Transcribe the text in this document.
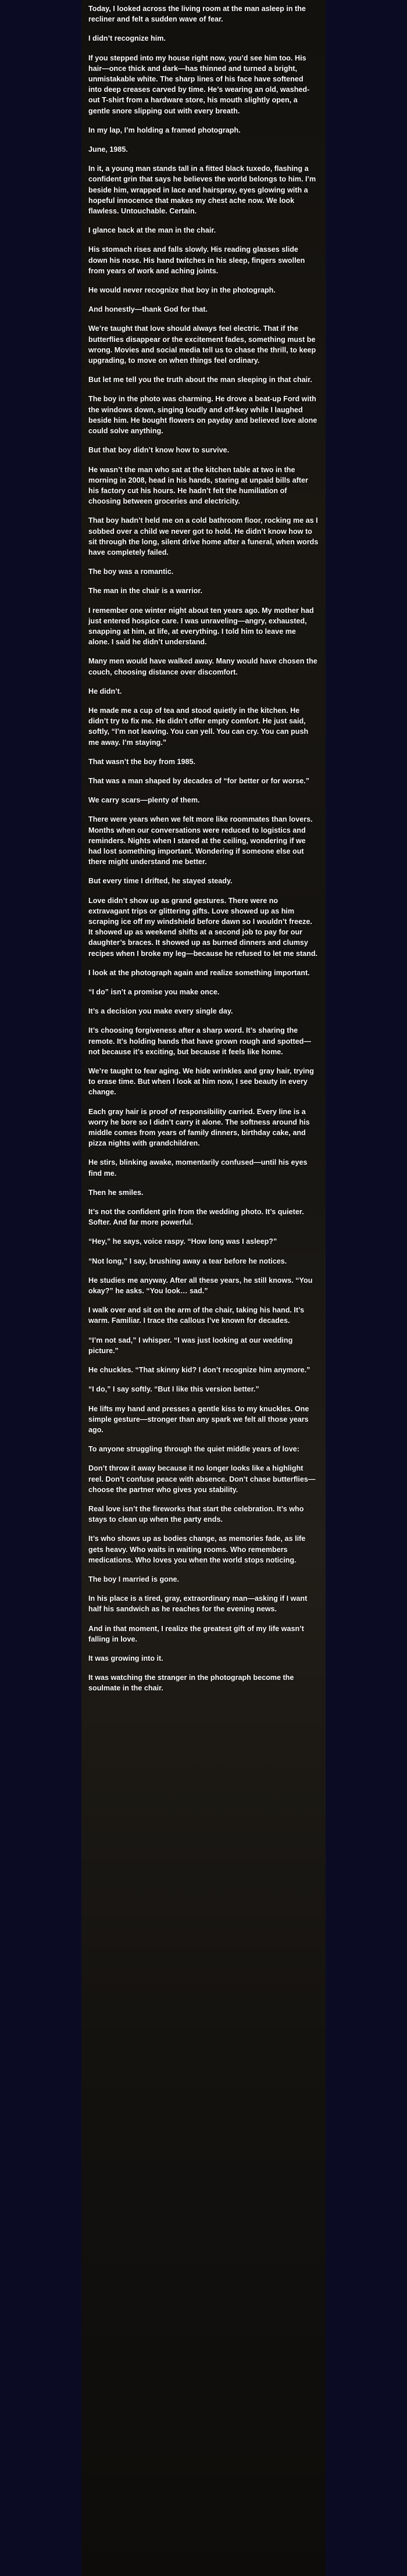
Today, I looked across the living room at the man asleep in the recliner and felt a sudden wave of fear.

I didn’t recognize him.

If you stepped into my house right now, you’d see him too. His hair—once thick and dark—has thinned and turned a bright, unmistakable white. The sharp lines of his face have softened into deep creases carved by time. He’s wearing an old, washed-out T-shirt from a hardware store, his mouth slightly open, a gentle snore slipping out with every breath.

In my lap, I’m holding a framed photograph.

June, 1985.

In it, a young man stands tall in a fitted black tuxedo, flashing a confident grin that says he believes the world belongs to him. I’m beside him, wrapped in lace and hairspray, eyes glowing with a hopeful innocence that makes my chest ache now. We look flawless. Untouchable. Certain.

I glance back at the man in the chair.

His stomach rises and falls slowly. His reading glasses slide down his nose. His hand twitches in his sleep, fingers swollen from years of work and aching joints.

He would never recognize that boy in the photograph.

And honestly—thank God for that.

We’re taught that love should always feel electric. That if the butterflies disappear or the excitement fades, something must be wrong. Movies and social media tell us to chase the thrill, to keep upgrading, to move on when things feel ordinary.

But let me tell you the truth about the man sleeping in that chair.

The boy in the photo was charming. He drove a beat-up Ford with the windows down, singing loudly and off-key while I laughed beside him. He bought flowers on payday and believed love alone could solve anything.

But that boy didn’t know how to survive.

He wasn’t the man who sat at the kitchen table at two in the morning in 2008, head in his hands, staring at unpaid bills after his factory cut his hours. He hadn’t felt the humiliation of choosing between groceries and electricity.

That boy hadn’t held me on a cold bathroom floor, rocking me as I sobbed over a child we never got to hold. He didn’t know how to sit through the long, silent drive home after a funeral, when words have completely failed.

The boy was a romantic.

The man in the chair is a warrior.

I remember one winter night about ten years ago. My mother had just entered hospice care. I was unraveling—angry, exhausted, snapping at him, at life, at everything. I told him to leave me alone. I said he didn’t understand.

Many men would have walked away. Many would have chosen the couch, choosing distance over discomfort.

He didn’t.

He made me a cup of tea and stood quietly in the kitchen. He didn’t try to fix me. He didn’t offer empty comfort. He just said, softly, “I’m not leaving. You can yell. You can cry. You can push me away. I’m staying.”

That wasn’t the boy from 1985.

That was a man shaped by decades of “for better or for worse.”

We carry scars—plenty of them.

There were years when we felt more like roommates than lovers. Months when our conversations were reduced to logistics and reminders. Nights when I stared at the ceiling, wondering if we had lost something important. Wondering if someone else out there might understand me better.

But every time I drifted, he stayed steady.

Love didn’t show up as grand gestures. There were no extravagant trips or glittering gifts. Love showed up as him scraping ice off my windshield before dawn so I wouldn’t freeze. It showed up as weekend shifts at a second job to pay for our daughter’s braces. It showed up as burned dinners and clumsy recipes when I broke my leg—because he refused to let me stand.

I look at the photograph again and realize something important.

“I do” isn’t a promise you make once.

It’s a decision you make every single day.

It’s choosing forgiveness after a sharp word. It’s sharing the remote. It’s holding hands that have grown rough and spotted—not because it’s exciting, but because it feels like home.

We’re taught to fear aging. We hide wrinkles and gray hair, trying to erase time. But when I look at him now, I see beauty in every change.

Each gray hair is proof of responsibility carried. Every line is a worry he bore so I didn’t carry it alone. The softness around his middle comes from years of family dinners, birthday cake, and pizza nights with grandchildren.

He stirs, blinking awake, momentarily confused—until his eyes find me.

Then he smiles.

It’s not the confident grin from the wedding photo. It’s quieter. Softer. And far more powerful.

“Hey,” he says, voice raspy. “How long was I asleep?”

“Not long,” I say, brushing away a tear before he notices.

He studies me anyway. After all these years, he still knows. “You okay?” he asks. “You look… sad.”

I walk over and sit on the arm of the chair, taking his hand. It’s warm. Familiar. I trace the callous I’ve known for decades.

“I’m not sad,” I whisper. “I was just looking at our wedding picture.”

He chuckles. “That skinny kid? I don’t recognize him anymore.”

“I do,” I say softly. “But I like this version better.”

He lifts my hand and presses a gentle kiss to my knuckles. One simple gesture—stronger than any spark we felt all those years ago.

To anyone struggling through the quiet middle years of love:

Don’t throw it away because it no longer looks like a highlight reel. Don’t confuse peace with absence. Don’t chase butterflies—choose the partner who gives you stability.

Real love isn’t the fireworks that start the celebration. It’s who stays to clean up when the party ends.

It’s who shows up as bodies change, as memories fade, as life gets heavy. Who waits in waiting rooms. Who remembers medications. Who loves you when the world stops noticing.

The boy I married is gone.

In his place is a tired, gray, extraordinary man—asking if I want half his sandwich as he reaches for the evening news.

And in that moment, I realize the greatest gift of my life wasn’t falling in love.

It was growing into it.

It was watching the stranger in the photograph become the soulmate in the chair.
